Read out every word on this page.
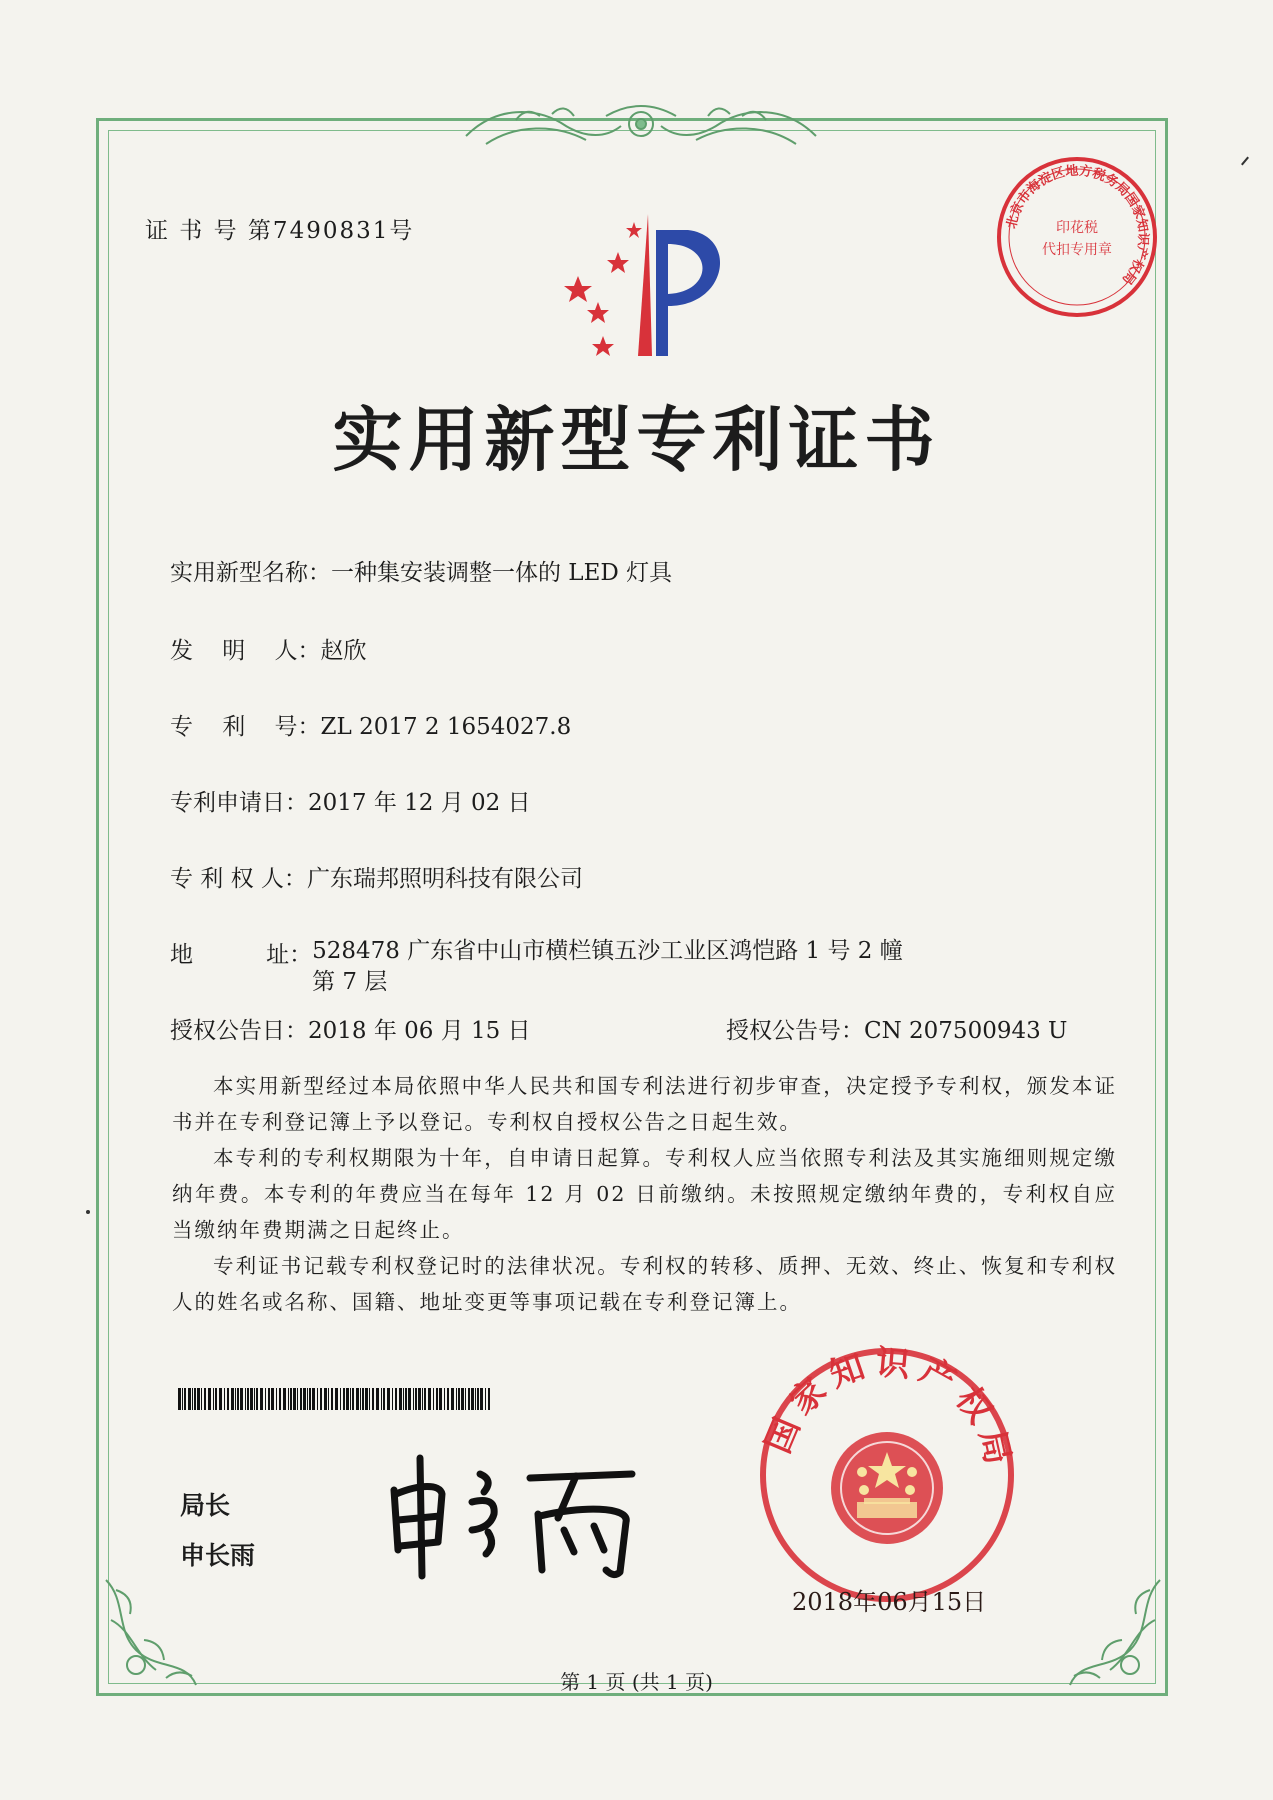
证 书 号 第7490831号	北京市海淀区地方税务局国家知识产权局
印花税
代扣专用章
实用新型专利证书
实用新型名称：一种集安装调整一体的 LED 灯具
发    明    人：赵欣
专    利    号：ZL 2017 2 1654027.8
专利申请日：2017 年 12 月 02 日
专 利 权 人：广东瑞邦照明科技有限公司
地          址：528478 广东省中山市横栏镇五沙工业区鸿恺路 1 号 2 幢第 7 层
授权公告日：2018 年 06 月 15 日	授权公告号：CN 207500943 U
本实用新型经过本局依照中华人民共和国专利法进行初步审查，决定授予专利权，颁发本证书并在专利登记簿上予以登记。专利权自授权公告之日起生效。
本专利的专利权期限为十年，自申请日起算。专利权人应当依照专利法及其实施细则规定缴纳年费。本专利的年费应当在每年 12 月 02 日前缴纳。未按照规定缴纳年费的，专利权自应当缴纳年费期满之日起终止。
专利证书记载专利权登记时的法律状况。专利权的转移、质押、无效、终止、恢复和专利权人的姓名或名称、国籍、地址变更等事项记载在专利登记簿上。
局长
申长雨
国家知识产权局
2018年06月15日
第 1 页 (共 1 页)
